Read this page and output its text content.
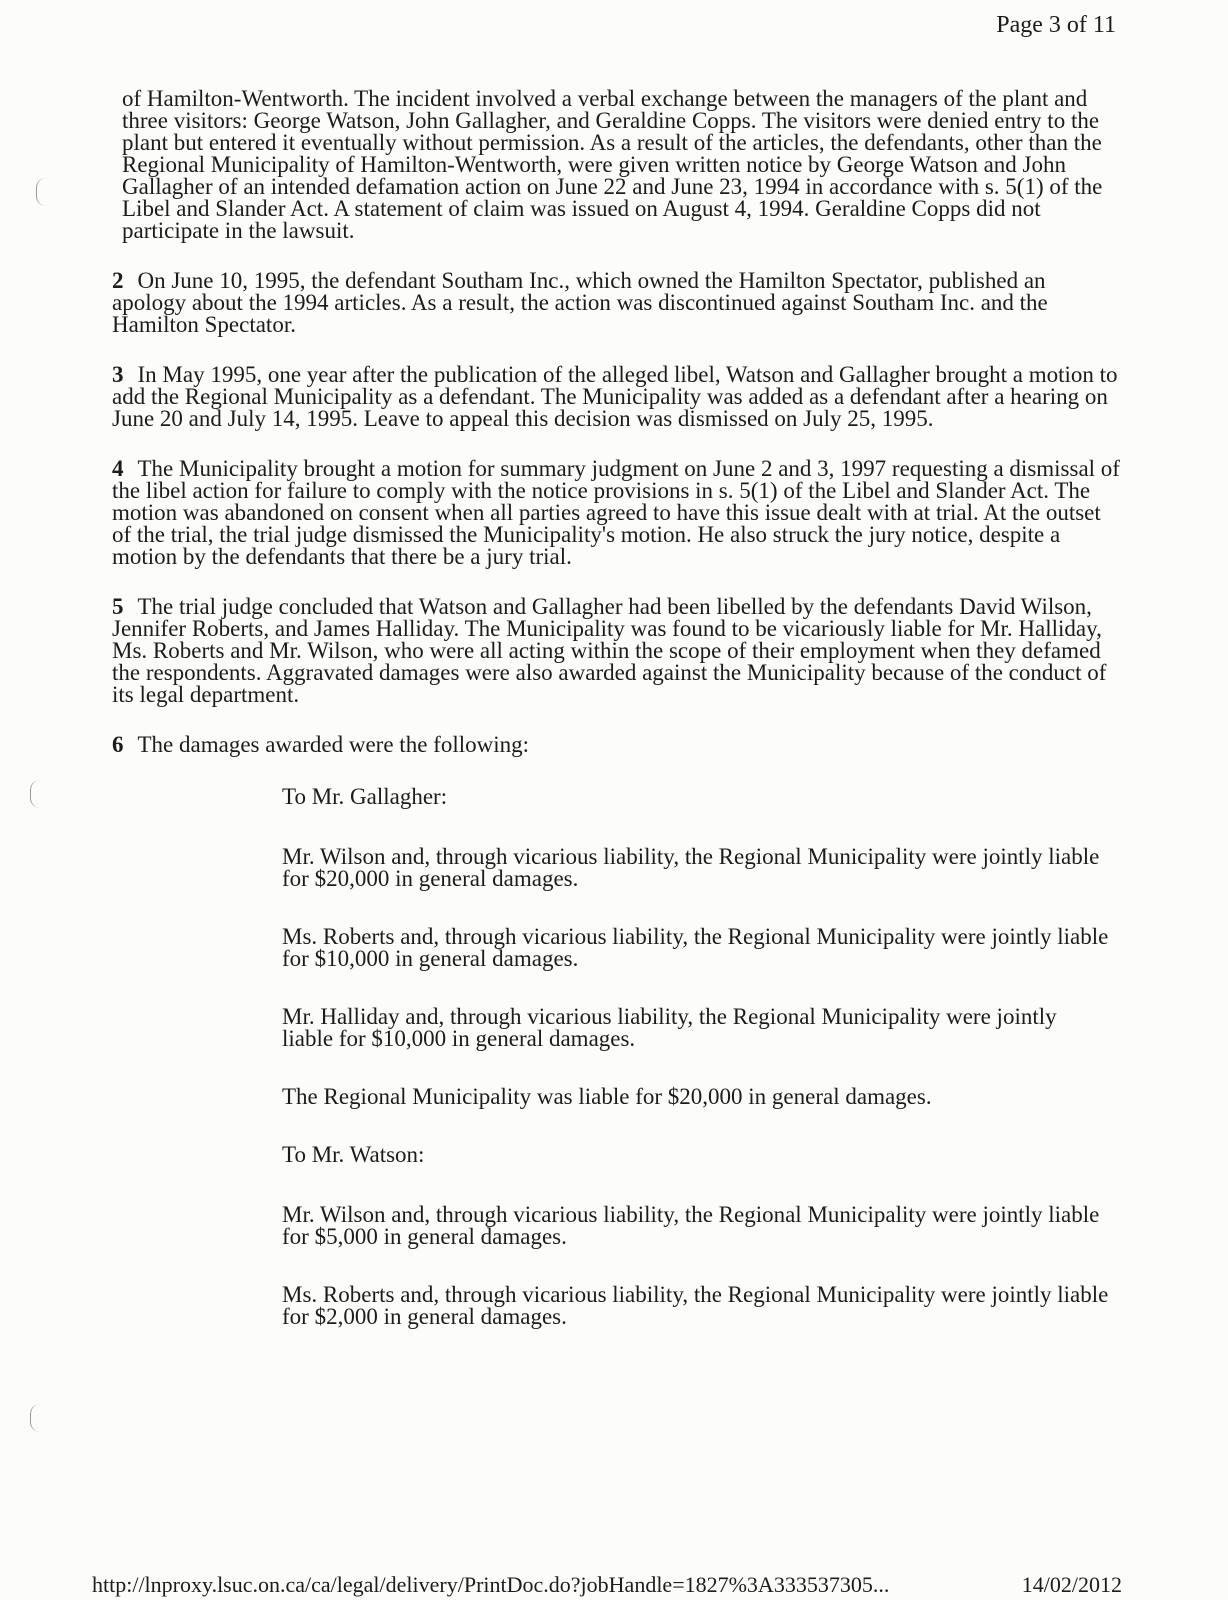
Page 3 of 11

of Hamilton-Wentworth. The incident involved a verbal exchange between the managers of the plant and three visitors: George Watson, John Gallagher, and Geraldine Copps. The visitors were denied entry to the plant but entered it eventually without permission. As a result of the articles, the defendants, other than the Regional Municipality of Hamilton-Wentworth, were given written notice by George Watson and John Gallagher of an intended defamation action on June 22 and June 23, 1994 in accordance with s. 5(1) of the Libel and Slander Act. A statement of claim was issued on August 4, 1994. Geraldine Copps did not participate in the lawsuit.

2 On June 10, 1995, the defendant Southam Inc., which owned the Hamilton Spectator, published an apology about the 1994 articles. As a result, the action was discontinued against Southam Inc. and the Hamilton Spectator.

3 In May 1995, one year after the publication of the alleged libel, Watson and Gallagher brought a motion to add the Regional Municipality as a defendant. The Municipality was added as a defendant after a hearing on June 20 and July 14, 1995. Leave to appeal this decision was dismissed on July 25, 1995.

4 The Municipality brought a motion for summary judgment on June 2 and 3, 1997 requesting a dismissal of the libel action for failure to comply with the notice provisions in s. 5(1) of the Libel and Slander Act. The motion was abandoned on consent when all parties agreed to have this issue dealt with at trial. At the outset of the trial, the trial judge dismissed the Municipality's motion. He also struck the jury notice, despite a motion by the defendants that there be a jury trial.

5 The trial judge concluded that Watson and Gallagher had been libelled by the defendants David Wilson, Jennifer Roberts, and James Halliday. The Municipality was found to be vicariously liable for Mr. Halliday, Ms. Roberts and Mr. Wilson, who were all acting within the scope of their employment when they defamed the respondents. Aggravated damages were also awarded against the Municipality because of the conduct of its legal department.

6 The damages awarded were the following:

To Mr. Gallagher:

Mr. Wilson and, through vicarious liability, the Regional Municipality were jointly liable for $20,000 in general damages.

Ms. Roberts and, through vicarious liability, the Regional Municipality were jointly liable for $10,000 in general damages.

Mr. Halliday and, through vicarious liability, the Regional Municipality were jointly liable for $10,000 in general damages.

The Regional Municipality was liable for $20,000 in general damages.

To Mr. Watson:

Mr. Wilson and, through vicarious liability, the Regional Municipality were jointly liable for $5,000 in general damages.

Ms. Roberts and, through vicarious liability, the Regional Municipality were jointly liable for $2,000 in general damages.

http://lnproxy.lsuc.on.ca/ca/legal/delivery/PrintDoc.do?jobHandle=1827%3A333537305...	14/02/2012
